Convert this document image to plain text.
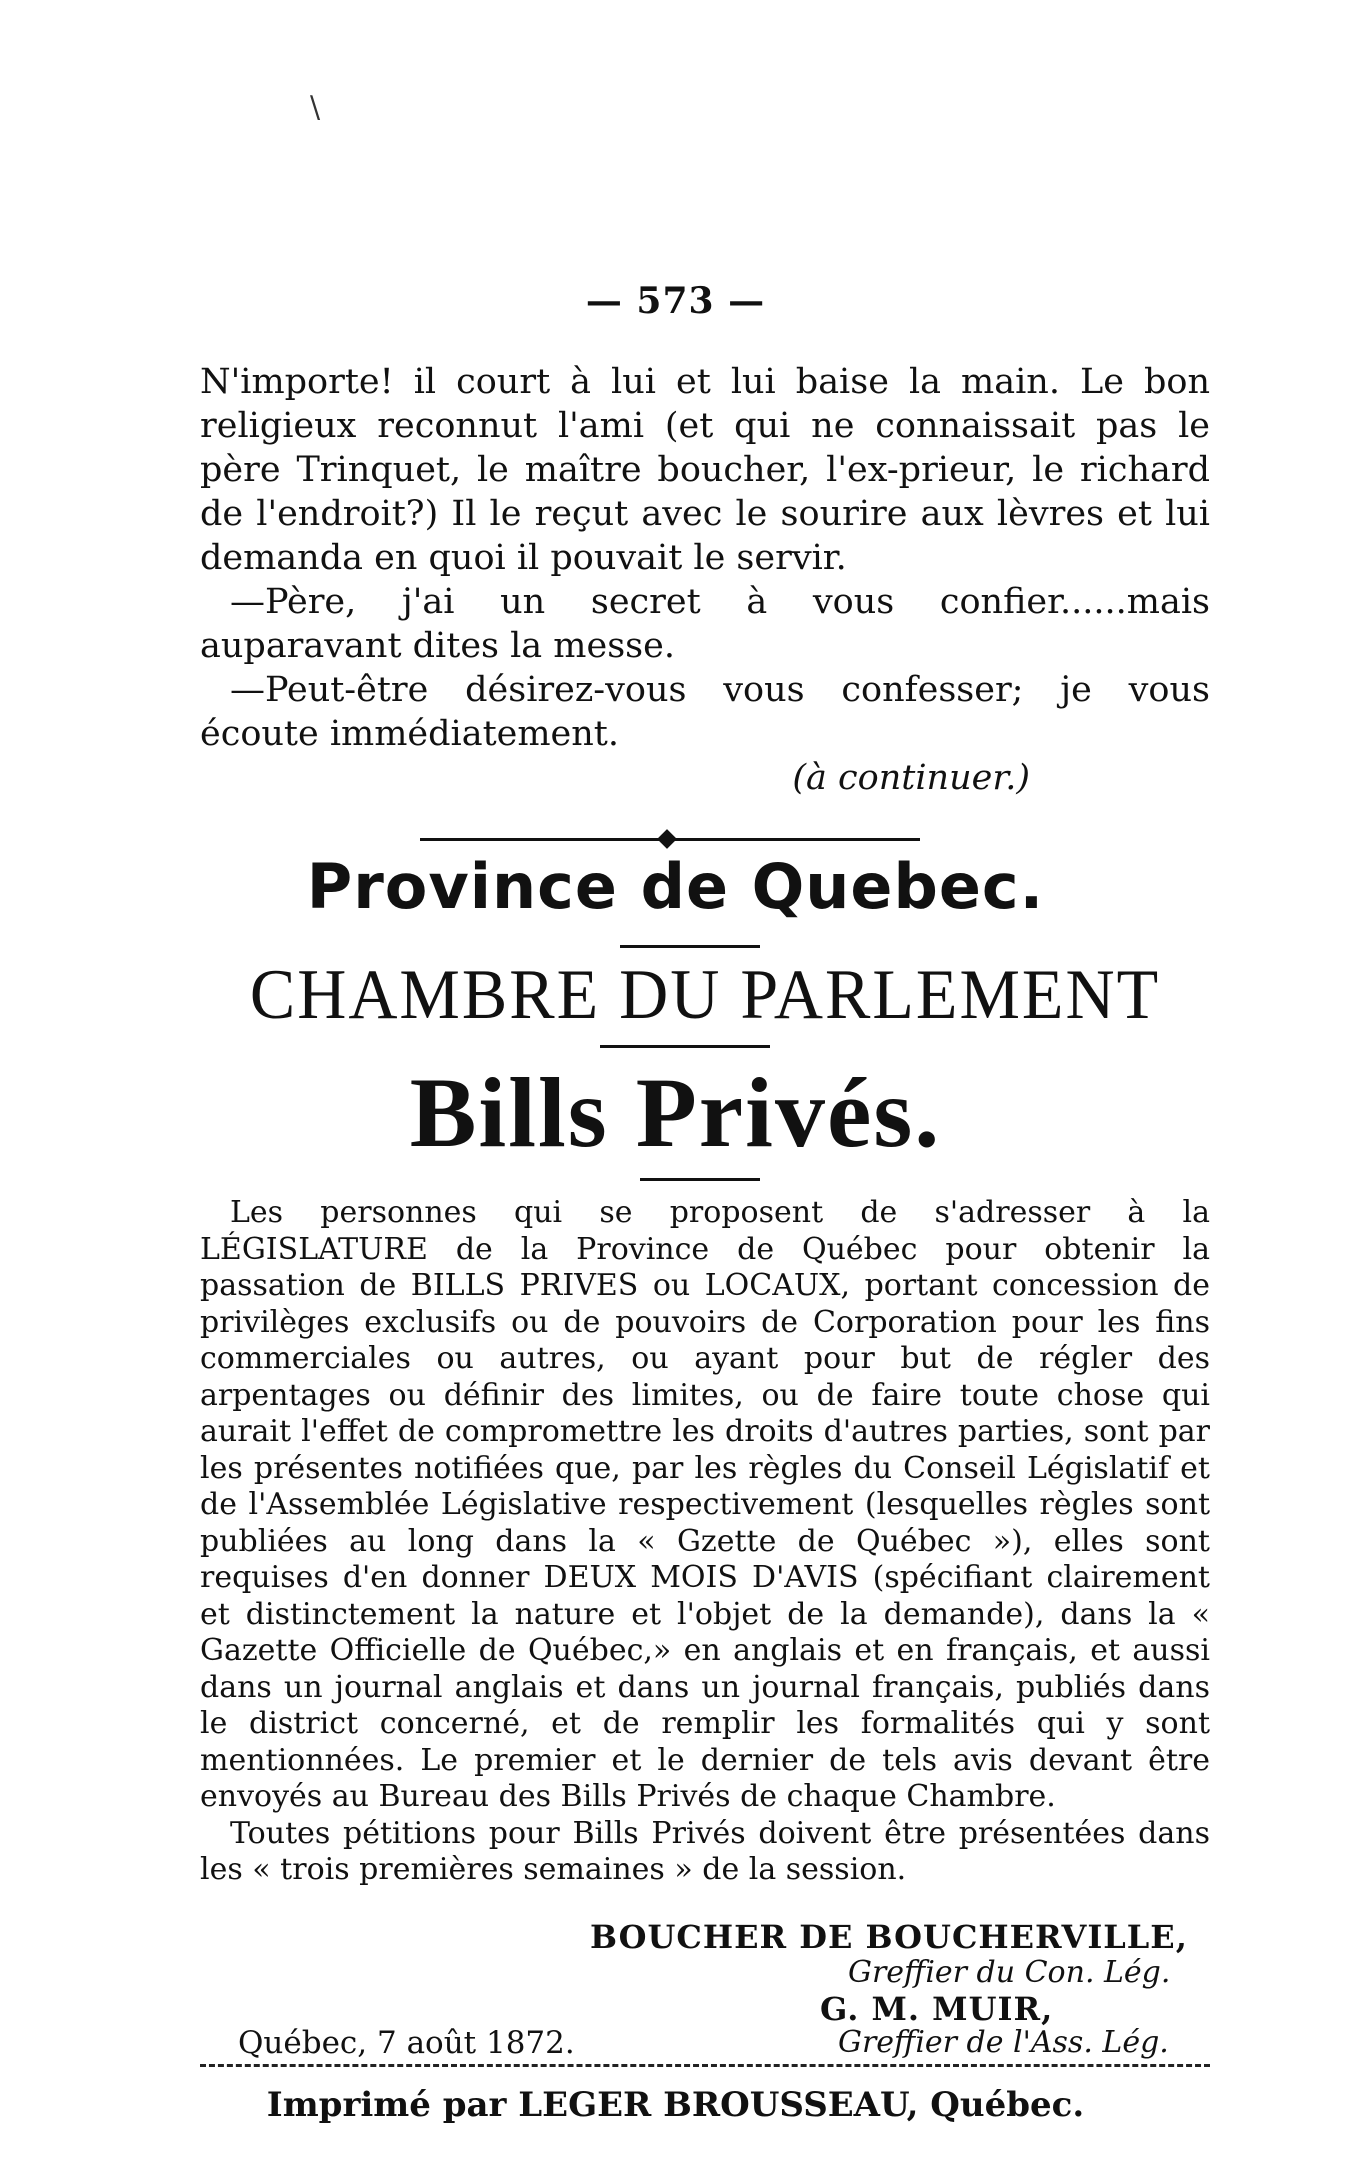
\
— 573 —

N'importe! il court à lui et lui baise la main. Le bon religieux reconnut l'ami (et qui ne connaissait pas le père Trinquet, le maître boucher, l'ex-prieur, le richard de l'endroit?) Il le reçut avec le sourire aux lèvres et lui demanda en quoi il pouvait le servir.

—Père, j'ai un secret à vous confier......mais auparavant dites la messe.

—Peut-être désirez-vous vous confesser; je vous écoute immédiatement.

(à continuer.)

Province de Quebec.
CHAMBRE DU PARLEMENT
Bills Privés.

Les personnes qui se proposent de s'adresser à la LÉGISLATURE de la Province de Québec pour obtenir la passation de BILLS PRIVES ou LOCAUX, portant concession de privilèges exclusifs ou de pouvoirs de Corporation pour les fins commerciales ou autres, ou ayant pour but de régler des arpentages ou définir des limites, ou de faire toute chose qui aurait l'effet de compromettre les droits d'autres parties, sont par les présentes notifiées que, par les règles du Conseil Législatif et de l'Assemblée Législative respectivement (lesquelles règles sont publiées au long dans la « Gzette de Québec »), elles sont requises d'en donner DEUX MOIS D'AVIS (spécifiant clairement et distinctement la nature et l'objet de la demande), dans la « Gazette Officielle de Québec,» en anglais et en français, et aussi dans un journal anglais et dans un journal français, publiés dans le district concerné, et de remplir les formalités qui y sont mentionnées. Le premier et le dernier de tels avis devant être envoyés au Bureau des Bills Privés de chaque Chambre.

Toutes pétitions pour Bills Privés doivent être présentées dans les « trois premières semaines » de la session.

BOUCHER DE BOUCHERVILLE,
Greffier du Con. Lég.
G. M. MUIR,
Québec, 7 août 1872.	Greffier de l'Ass. Lég.
Imprimé par LEGER BROUSSEAU, Québec.
